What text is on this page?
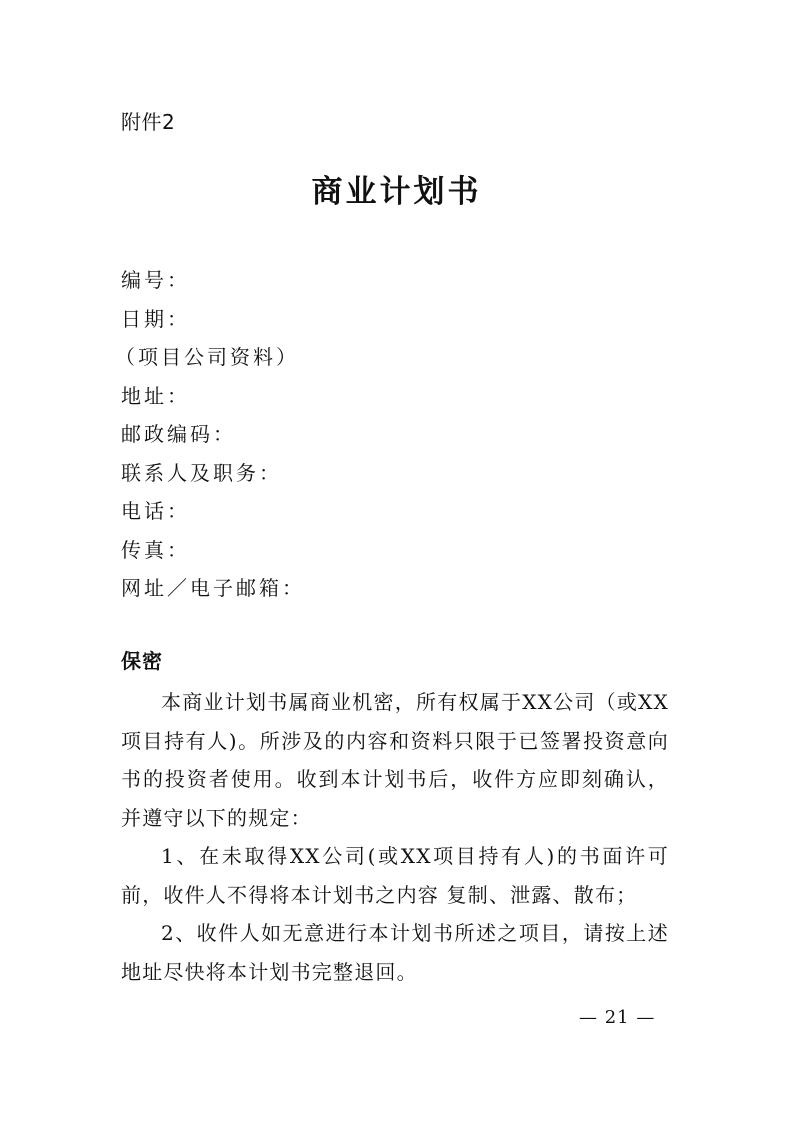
附件2
商业计划书
编号：
日期：
（项目公司资料）
地址：
邮政编码：
联系人及职务：
电话：
传真：
网址／电子邮箱：
保密

本商业计划书属商业机密，所有权属于XX公司（或XX项目持有人)。所涉及的内容和资料只限于已签署投资意向书的投资者使用。收到本计划书后，收件方应即刻确认，并遵守以下的规定：

1、在未取得XX公司(或XX项目持有人)的书面许可前，收件人不得将本计划书之内容 复制、泄露、散布；

2、收件人如无意进行本计划书所述之项目，请按上述地址尽快将本计划书完整退回。

— 21 —
